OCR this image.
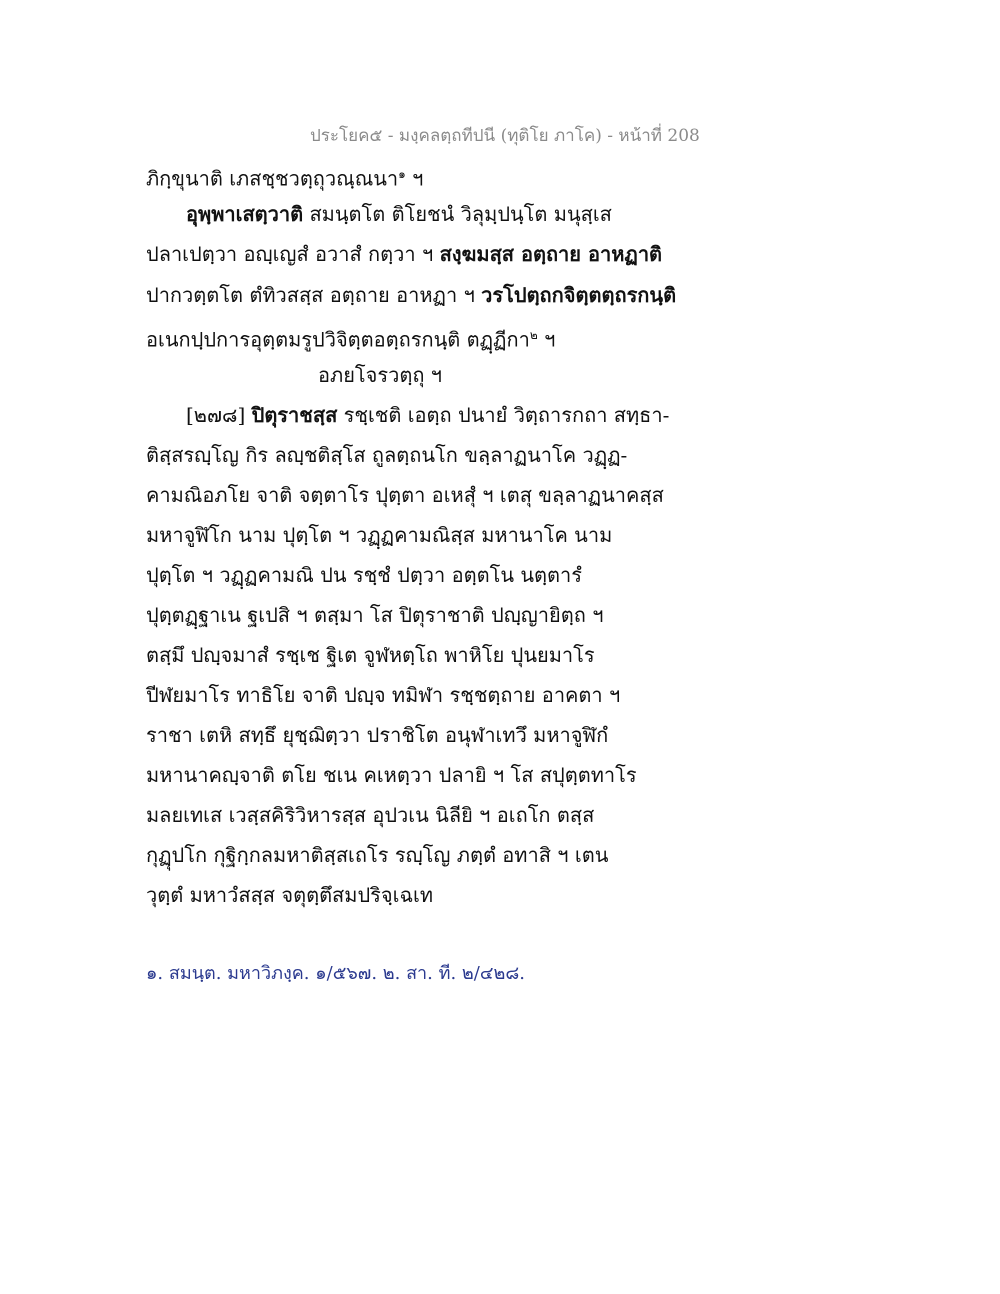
ประโยค๕ - มงฺคลตฺถทีปนี (ทุติโย ภาโค) - หน้าที่ 208
ภิกฺขุนาติ เภสชฺชวตฺถุวณฺณนา$^๑$ ฯ
อุพฺพาเสตฺวาติ สมนฺตโต ติโยชนํ วิลุมฺปนฺโต มนุสฺเส
ปลาเปตฺวา อญฺเญสํ อวาสํ กตฺวา ฯ สงฺฆมสฺส อตฺถาย อาหฏาติ
ปากวตฺตโต ตํทิวสสฺส อตฺถาย อาหฏา ฯ วรโปตฺถกจิตฺตตฺถรกนฺติ
อเนกปฺปการอุตฺตมรูปวิจิตฺตอตฺถรกนฺติ ตฏฺฏีกา$^๒$ ฯ
อภยโจรวตฺถุ ฯ
[๒๗๘] ปิตุราชสฺส รชฺเชติ เอตฺถ ปนายํ วิตฺถารกถา สทฺธา-
ติสฺสรญฺโญ กิร ลญฺชติสฺโส ถูลตฺถนโก ขลฺลาฏนาโค วฏฺฏ-
คามณิอภโย จาติ จตฺตาโร ปุตฺตา อเหสุํ ฯ เตสุ ขลฺลาฏนาคสฺส
มหาจูฬิโก นาม ปุตฺโต ฯ วฏฺฏคามณิสฺส มหานาโค นาม
ปุตฺโต ฯ วฏฺฏคามณิ ปน รชฺชํ ปตฺวา อตฺตโน นตฺตารํ
ปุตฺตฏฺฐาเน ฐเปสิ ฯ ตสฺมา โส ปิตุราชาติ ปญฺญายิตฺถ ฯ
ตสฺมึ ปญฺจมาสํ รชฺเช ฐิเต จูฬหตฺโถ พาหิโย ปุนยมาโร
ปีฬยมาโร ทาธิโย จาติ ปญฺจ ทมิฬา รชฺชตฺถาย อาคตา ฯ
ราชา เตหิ สทฺธึ ยุชฺฌิตฺวา ปราชิโต อนุฬาเทวึ มหาจูฬิกํ
มหานาคญฺจาติ ตโย ชเน คเหตฺวา ปลายิ ฯ โส สปุตฺตทาโร
มลยเทเส เวสฺสคิริวิหารสฺส อุปวเน นิลียิ ฯ อเถโก ตสฺส
กุฏุปโก กุฐิกฺกลมหาติสฺสเถโร รญฺโญ ภตฺตํ อทาสิ ฯ เตน
วุตฺตํ มหาวํสสฺส จตุตฺตึสมปริจฺเฉเท
๑. สมนฺต. มหาวิภงฺค. ๑/๕๖๗. ๒. สา. ที. ๒/๔๒๘.
